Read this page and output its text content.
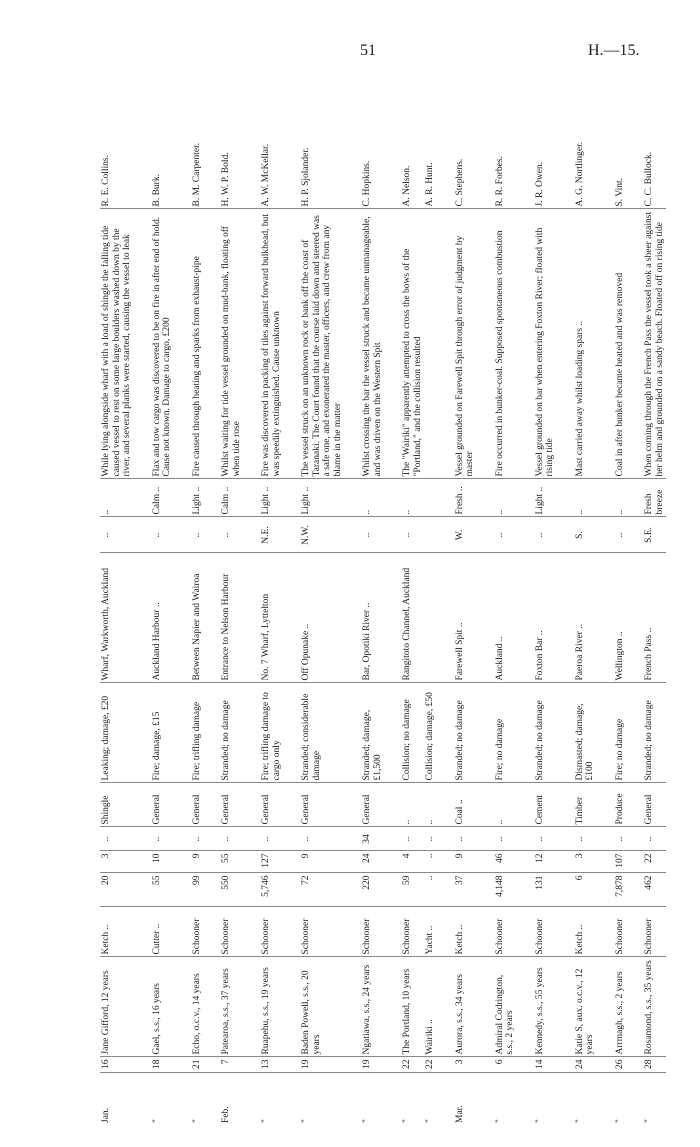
51	H.—15.
Jan.	16	Jane Gifford, 12 years	Ketch ..	20	3	..	Shingle	Leaking; damage, £20	Wharf, Warkworth, Auckland	..	..	While lying alongside wharf with a load of shingle the falling tide caused vessel to rest on some large boulders washed down by the river, and several planks were started, causing the vessel to leak	R. E. Collins.

"	18	Gael, s.s., 16 years	Cutter ..	55	10	..	General	Fire; damage, £15	Auckland Harbour ..	..	Calm ..	Flax and tow cargo was discovered to be on fire in after end of hold. Cause not known. Damage to cargo, £200	B. Burk.

"	21	Echo, o.c.v., 14 years	Schooner	99	9	..	General	Fire; trifling damage	Between Napier and Wairoa	..	Light ..	Fire caused through heating and sparks from exhaust-pipe	B. M. Carpenter.

Feb.	7	Patearoa, s.s., 37 years	Schooner	550	55	..	General	Stranded; no damage	Entrance to Nelson Harbour	..	Calm ..	Whilst waiting for tide vessel grounded on mud-bank, floating off when tide rose	H. W. P. Bold.

"	13	Ruapehu, s.s., 19 years	Schooner	5,746	127	..	General	Fire; trifling damage to cargo only	No. 7 Wharf, Lyttelton	N.E.	Light ..	Fire was discovered in packing of tiles against forward bulkhead, but was speedily extinguished. Cause unknown	A. W. McKellar.

"	19	Baden Powell, s.s., 20 years	Schooner	72	9	..	General	Stranded; considerable damage	Off Opunake ..	N.W.	Light ..	The vessel struck on an unknown rock or bank off the coast of Taranaki. The Court found that the course laid down and steered was a safe one, and exonerated the master, officers, and crew from any blame in the matter	H. P. Sjolander.

"	19	Ngatiawa, s.s., 24 years	Schooner	220	24	34	General	Stranded; damage, £1,500	Bar, Opotiki River ..	..	..	Whilst crossing the bar the vessel struck and became unmanageable, and was driven on the Western Spit	C. Hopkins.

"	22	The Portland, 10 years	Schooner	59	4	..	..	Collision; no damage	Rangitoto Channel, Auckland	..	..	The "Wairiki" apparently attempted to cross the bows of the "Portland," and the collision resulted	A. Nelson.
"	22	Wairiki ..	Yacht ..	..	..	..	..	Collision; damage, £50					A. R. Hunt.

Mar.	3	Aurora, s.s., 34 years	Ketch ..	37	9	..	Coal ..	Stranded; no damage	Farewell Spit ..	W.	Fresh ..	Vessel grounded on Farewell Spit through error of judgment by master	C. Stephens.

"	6	Admiral Codrington, s.s., 2 years	Schooner	4,148	46	..	..	Fire; no damage	Auckland ..	..	..	Fire occurred in bunker-coal. Supposed spontaneous combustion	R. R. Forbes.

"	14	Kennedy, s.s., 55 years	Schooner	131	12	..	Cement	Stranded; no damage	Foxton Bar ..	..	Light ..	Vessel grounded on bar when entering Foxton River; floated with rising tide	J. R. Owen.

"	24	Katie S, aux. o.c.v., 12 years	Ketch ..	6	3	..	Timber	Dismasted; damage, £100	Paeroa River ..	S.	..	Mast carried away whilst loading spars ..	A. G. Nortlinger.

"	26	Arrmagh, s.s., 2 years	Schooner	7,878	107	..	Produce	Fire; no damage	Wellington ..	..	..	Coal in after bunker became heated and was removed	S. Vint.

"	28	Rosamond, s.s., 35 years	Schooner	462	22	..	General	Stranded; no damage	French Pass ..	S.E.	Fresh breeze	When coming through the French Pass the vessel took a sheer against her helm and grounded on a sandy beach. Floated off on rising tide	C. C. Bullock.
